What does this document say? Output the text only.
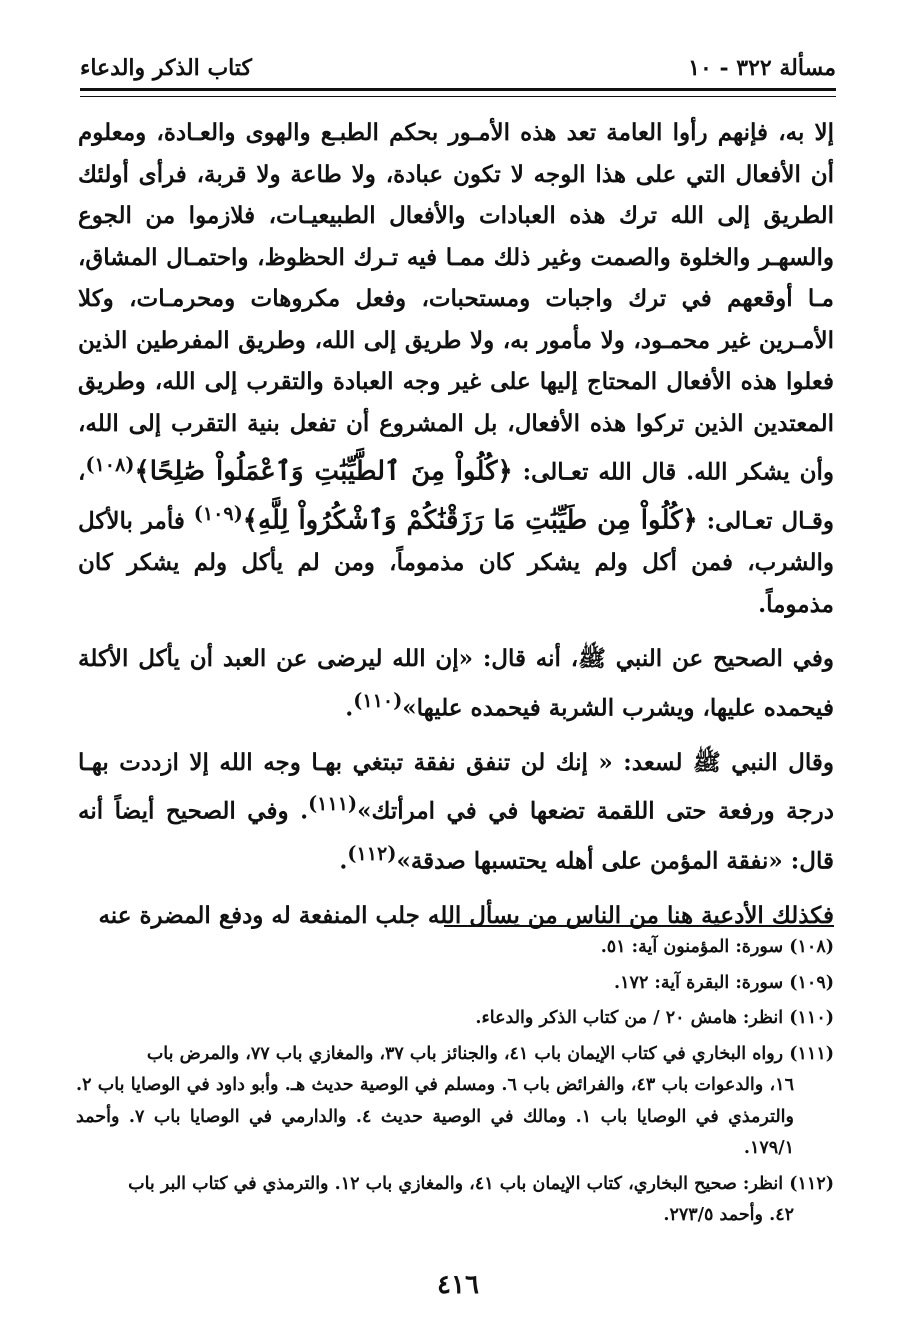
مسألة ٣٢٢ - ١٠
كتاب الذكر والدعاء

إلا به، فإنهم رأوا العامة تعد هذه الأمـور بحكم الطبـع والهوى والعـادة، ومعلوم أن الأفعال التي على هذا الوجه لا تكون عبادة، ولا طاعة ولا قربة، فرأى أولئك الطريق إلى الله ترك هذه العبادات والأفعال الطبيعيـات، فلازموا من الجوع والسهـر والخلوة والصمت وغير ذلك ممـا فيه تـرك الحظوظ، واحتمـال المشاق، مـا أوقعهم في ترك واجبات ومستحبات، وفعل مكروهات ومحرمـات، وكلا الأمـرين غير محمـود، ولا مأمور به، ولا طريق إلى الله، وطريق المفرطين الذين فعلوا هذه الأفعال المحتاج إليها على غير وجه العبادة والتقرب إلى الله، وطريق المعتدين الذين تركوا هذه الأفعال، بل المشروع أن تفعل بنية التقرب إلى الله، وأن يشكر الله. قال الله تعـالى: ﴿كُلُواْ مِنَ ٱلطَّيِّبَٰتِ وَٱعْمَلُواْ صَٰلِحًا﴾$^{(١٠٨)}$، وقـال تعـالى: ﴿كُلُواْ مِن طَيِّبَٰتِ مَا رَزَقْنَٰكُمْ وَٱشْكُرُواْ لِلَّهِ﴾$^{(١٠٩)}$ فأمر بالأكل والشرب، فمن أكل ولم يشكر كان مذموماً، ومن لم يأكل ولم يشكر كان مذموماً.

وفي الصحيح عن النبي ﷺ، أنه قال: «إن الله ليرضى عن العبد أن يأكل الأكلة فيحمده عليها، ويشرب الشربة فيحمده عليها»$^{(١١٠)}$.

وقال النبي ﷺ لسعد: « إنك لن تنفق نفقة تبتغي بهـا وجه الله إلا ازددت بهـا درجة ورفعة حتى اللقمة تضعها في في امرأتك»$^{(١١١)}$. وفي الصحيح أيضاً أنه قال: «نفقة المؤمن على أهله يحتسبها صدقة»$^{(١١٢)}$.

فكذلك الأدعية هنا من الناس من يسأل الله جلب المنفعة له ودفع المضرة عنه

(١٠٨) سورة: المؤمنون آية: ٥١.
(١٠٩) سورة: البقرة آية: ١٧٢.
(١١٠) انظر: هامش ٢٠ / من كتاب الذكر والدعاء.
(١١١) رواه البخاري في كتاب الإيمان باب ٤١، والجنائز باب ٣٧، والمغازي باب ٧٧، والمرض باب
١٦، والدعوات باب ٤٣، والفرائض باب ٦. ومسلم في الوصية حديث هـ. وأبو داود في الوصايا باب ٢. والترمذي في الوصايا باب ١. ومالك في الوصية حديث ٤. والدارمي في الوصايا باب ٧. وأحمد ١٧٩/١.
(١١٢) انظر: صحيح البخاري، كتاب الإيمان باب ٤١، والمغازي باب ١٢. والترمذي في كتاب البر باب
٤٢. وأحمد ٢٧٣/٥.
٤١٦
